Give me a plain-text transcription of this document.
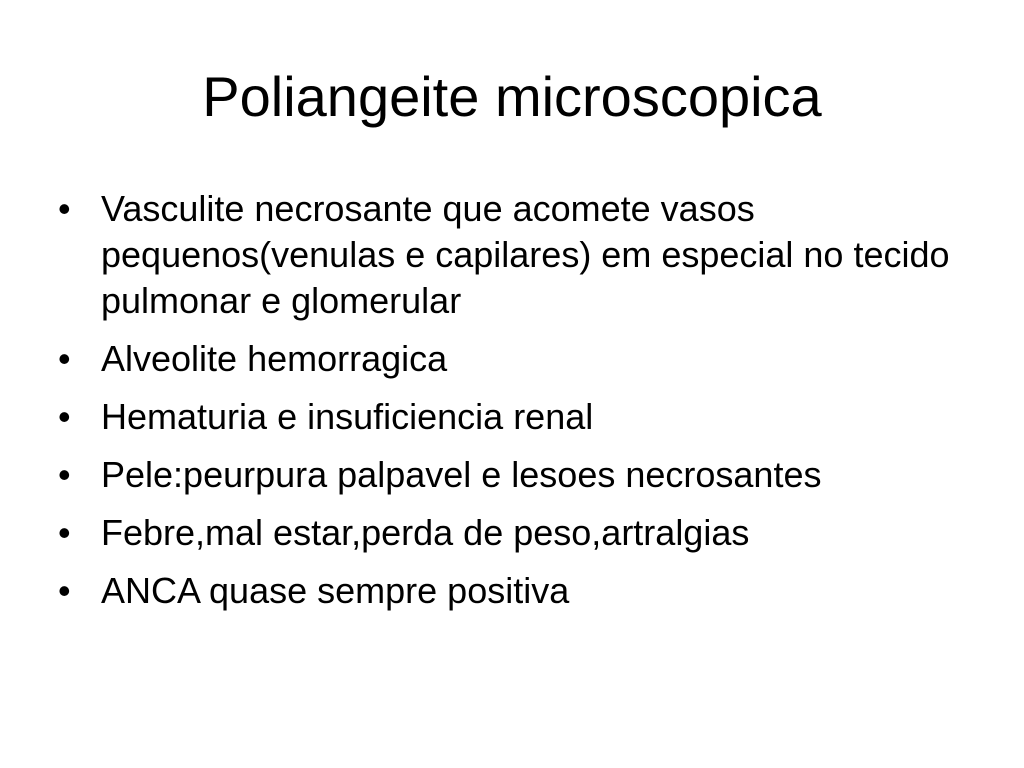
Poliangeite microscopica
• Vasculite necrosante que acomete vasos pequenos(venulas e capilares) em especial no tecido pulmonar e glomerular
• Alveolite hemorragica
• Hematuria e insuficiencia renal
• Pele:peurpura palpavel e lesoes necrosantes
• Febre,mal estar,perda de peso,artralgias
• ANCA quase sempre positiva
